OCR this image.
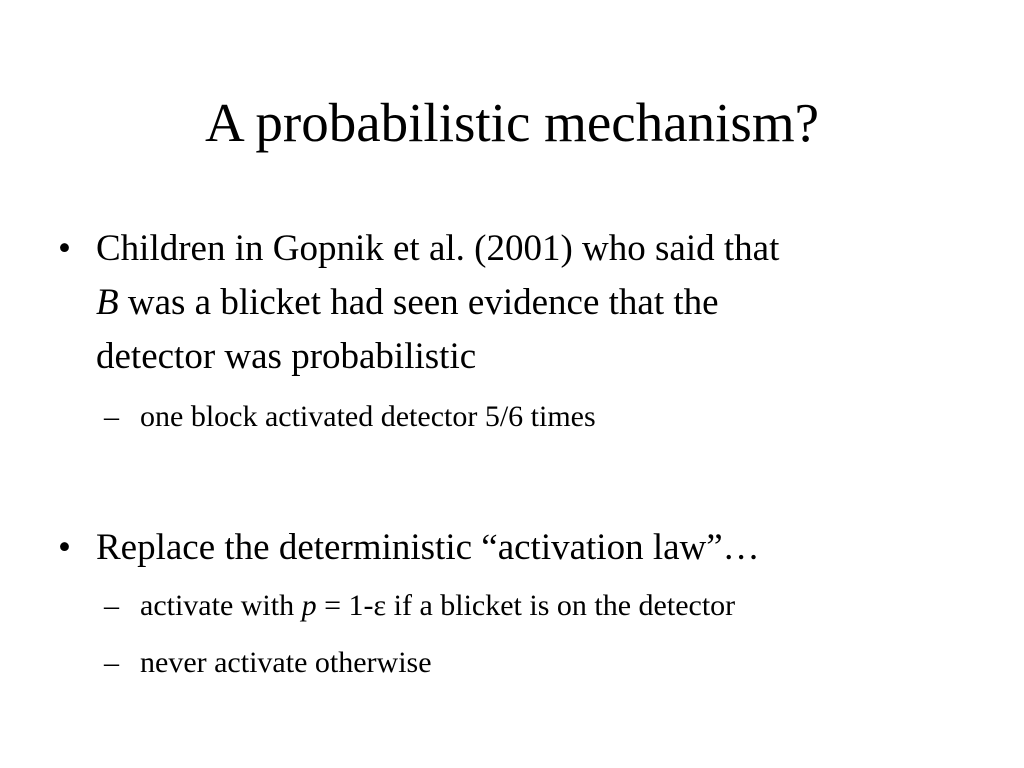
A probabilistic mechanism?
• Children in Gopnik et al. (2001) who said that
B was a blicket had seen evidence that the
detector was probabilistic
– one block activated detector 5/6 times
• Replace the deterministic “activation law”…
– activate with p = 1-ε if a blicket is on the detector
– never activate otherwise
